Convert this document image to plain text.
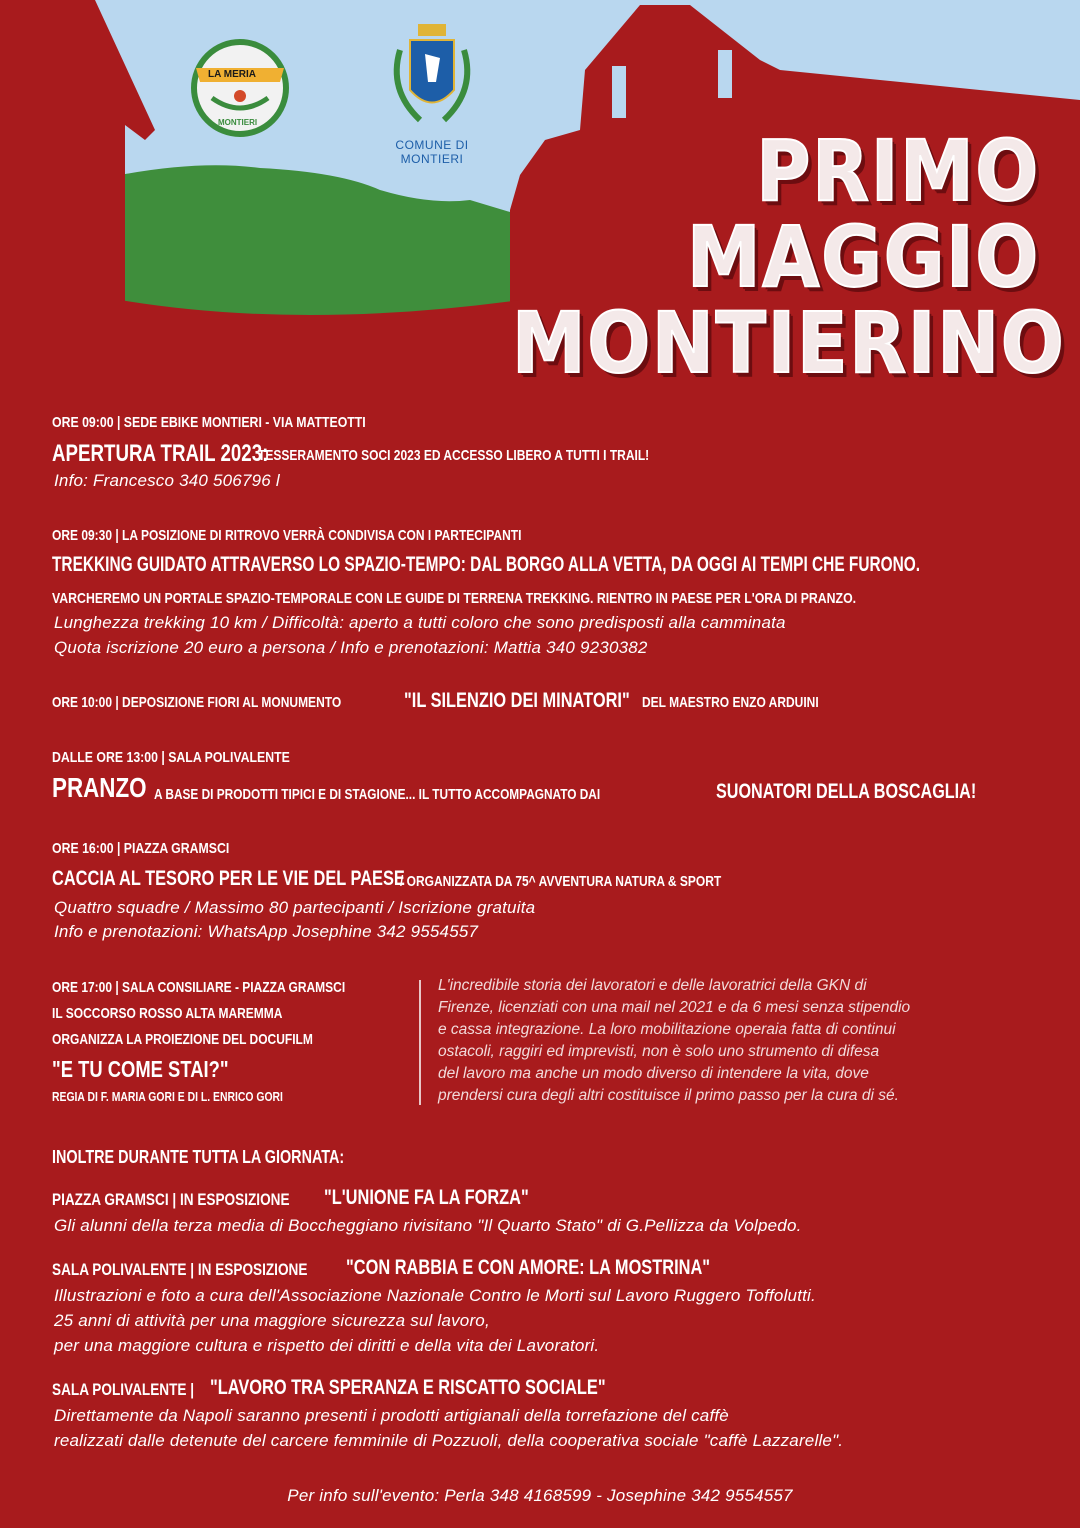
LA MERIA
MONTIERI
COMUNE DI
MONTIERI	PRIMO
MAGGIO
MONTIERINO
ORE 09:00 | SEDE EBIKE MONTIERI - VIA MATTEOTTI
APERTURA TRAIL 2023:
TESSERAMENTO SOCI 2023 ED ACCESSO LIBERO A TUTTI I TRAIL!
Info: Francesco 340 506796 l
ORE 09:30 | LA POSIZIONE DI RITROVO VERRÀ CONDIVISA CON I PARTECIPANTI
TREKKING GUIDATO ATTRAVERSO LO SPAZIO-TEMPO: DAL BORGO ALLA VETTA, DA OGGI AI TEMPI CHE FURONO.
VARCHEREMO UN PORTALE SPAZIO-TEMPORALE CON LE GUIDE DI TERRENA TREKKING. RIENTRO IN PAESE PER L'ORA DI PRANZO.
Lunghezza trekking 10 km / Difficoltà: aperto a tutti coloro che sono predisposti alla camminata
Quota iscrizione 20 euro a persona / Info e prenotazioni: Mattia 340 9230382
ORE 10:00 | DEPOSIZIONE FIORI AL MONUMENTO	"IL SILENZIO DEI MINATORI" DEL MAESTRO ENZO ARDUINI
DALLE ORE 13:00 | SALA POLIVALENTE
PRANZO A BASE DI PRODOTTI TIPICI E DI STAGIONE... IL TUTTO ACCOMPAGNATO DAI	SUONATORI DELLA BOSCAGLIA!
ORE 16:00 | PIAZZA GRAMSCI
CACCIA AL TESORO PER LE VIE DEL PAESE
/ ORGANIZZATA DA 75^ AVVENTURA NATURA & SPORT
Quattro squadre / Massimo 80 partecipanti / Iscrizione gratuita
Info e prenotazioni: WhatsApp Josephine 342 9554557
ORE 17:00 | SALA CONSILIARE - PIAZZA GRAMSCI
IL SOCCORSO ROSSO ALTA MAREMMA
ORGANIZZA LA PROIEZIONE DEL DOCUFILM
"E TU COME STAI?"
REGIA DI F. MARIA GORI E DI L. ENRICO GORI
L'incredibile storia dei lavoratori e delle lavoratrici della GKN di
Firenze, licenziati con una mail nel 2021 e da 6 mesi senza stipendio
e cassa integrazione. La loro mobilitazione operaia fatta di continui
ostacoli, raggiri ed imprevisti, non è solo uno strumento di difesa
del lavoro ma anche un modo diverso di intendere la vita, dove
prendersi cura degli altri costituisce il primo passo per la cura di sé.
INOLTRE DURANTE TUTTA LA GIORNATA:
PIAZZA GRAMSCI | IN ESPOSIZIONE "L'UNIONE FA LA FORZA"
Gli alunni della terza media di Boccheggiano rivisitano "Il Quarto Stato" di G.Pellizza da Volpedo.
SALA POLIVALENTE | IN ESPOSIZIONE "CON RABBIA E CON AMORE: LA MOSTRINA"
Illustrazioni e foto a cura dell'Associazione Nazionale Contro le Morti sul Lavoro Ruggero Toffolutti.
25 anni di attività per una maggiore sicurezza sul lavoro,
per una maggiore cultura e rispetto dei diritti e della vita dei Lavoratori.
SALA POLIVALENTE | "LAVORO TRA SPERANZA E RISCATTO SOCIALE"
Direttamente da Napoli saranno presenti i prodotti artigianali della torrefazione del caffè
realizzati dalle detenute del carcere femminile di Pozzuoli, della cooperativa sociale "caffè Lazzarelle".
Per info sull'evento: Perla 348 4168599 - Josephine 342 9554557
